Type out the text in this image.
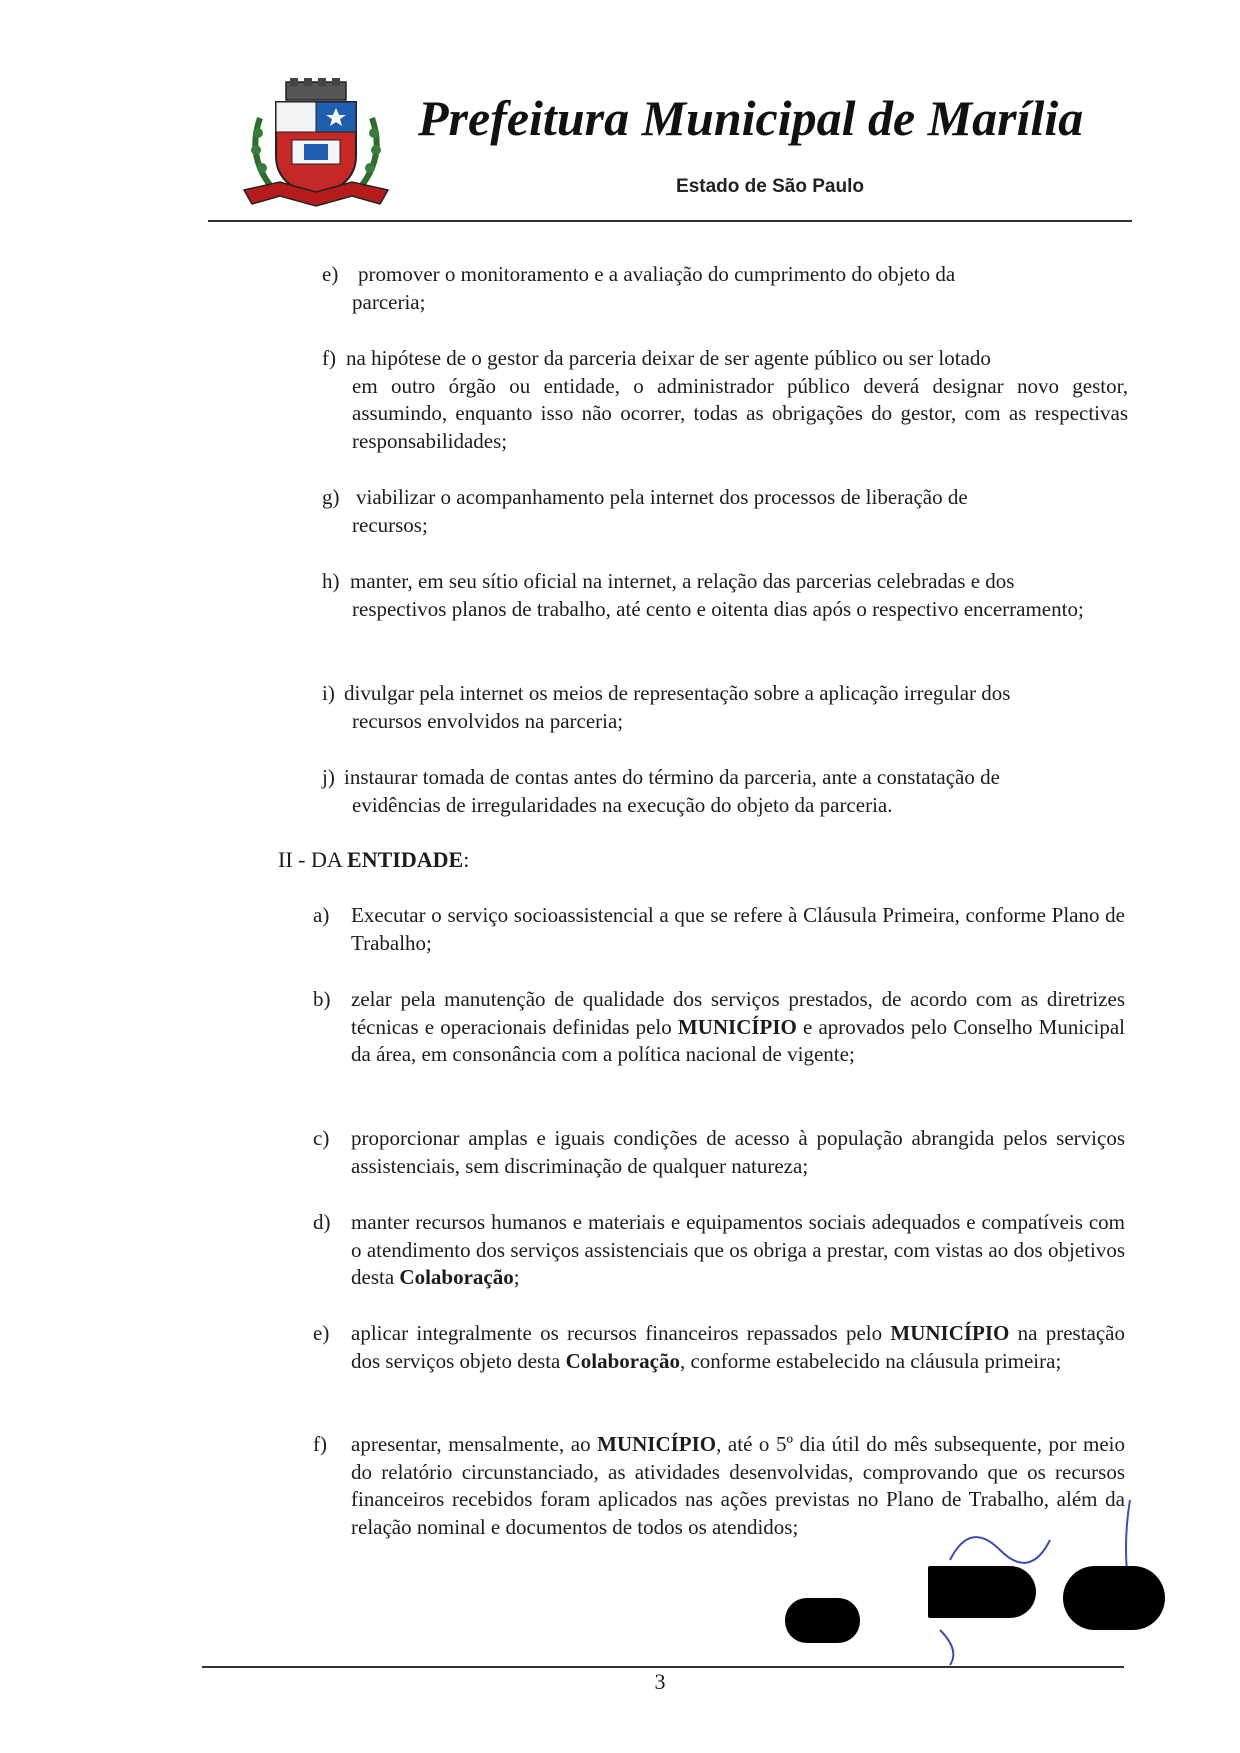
Prefeitura Municipal de Marília
Estado de São Paulo
e) promover o monitoramento e a avaliação do cumprimento do objeto da
parceria;
f) na hipótese de o gestor da parceria deixar de ser agente público ou ser lotado
em outro órgão ou entidade, o administrador público deverá designar novo gestor, assumindo, enquanto isso não ocorrer, todas as obrigações do gestor, com as respectivas responsabilidades;
g) viabilizar o acompanhamento pela internet dos processos de liberação de
recursos;
h) manter, em seu sítio oficial na internet, a relação das parcerias celebradas e dos
respectivos planos de trabalho, até cento e oitenta dias após o respectivo encerramento;
i) divulgar pela internet os meios de representação sobre a aplicação irregular dos
recursos envolvidos na parceria;
j) instaurar tomada de contas antes do término da parceria, ante a constatação de
evidências de irregularidades na execução do objeto da parceria.
II - DA ENTIDADE:
a) Executar o serviço socioassistencial a que se refere à Cláusula Primeira, conforme Plano de Trabalho;
b) zelar pela manutenção de qualidade dos serviços prestados, de acordo com as diretrizes técnicas e operacionais definidas pelo MUNICÍPIO e aprovados pelo Conselho Municipal da área, em consonância com a política nacional de vigente;
c) proporcionar amplas e iguais condições de acesso à população abrangida pelos serviços assistenciais, sem discriminação de qualquer natureza;
d) manter recursos humanos e materiais e equipamentos sociais adequados e compatíveis com o atendimento dos serviços assistenciais que os obriga a prestar, com vistas ao dos objetivos desta Colaboração;
e) aplicar integralmente os recursos financeiros repassados pelo MUNICÍPIO na prestação dos serviços objeto desta Colaboração, conforme estabelecido na cláusula primeira;
f) apresentar, mensalmente, ao MUNICÍPIO, até o 5º dia útil do mês subsequente, por meio do relatório circunstanciado, as atividades desenvolvidas, comprovando que os recursos financeiros recebidos foram aplicados nas ações previstas no Plano de Trabalho, além da relação nominal e documentos de todos os atendidos;
3
